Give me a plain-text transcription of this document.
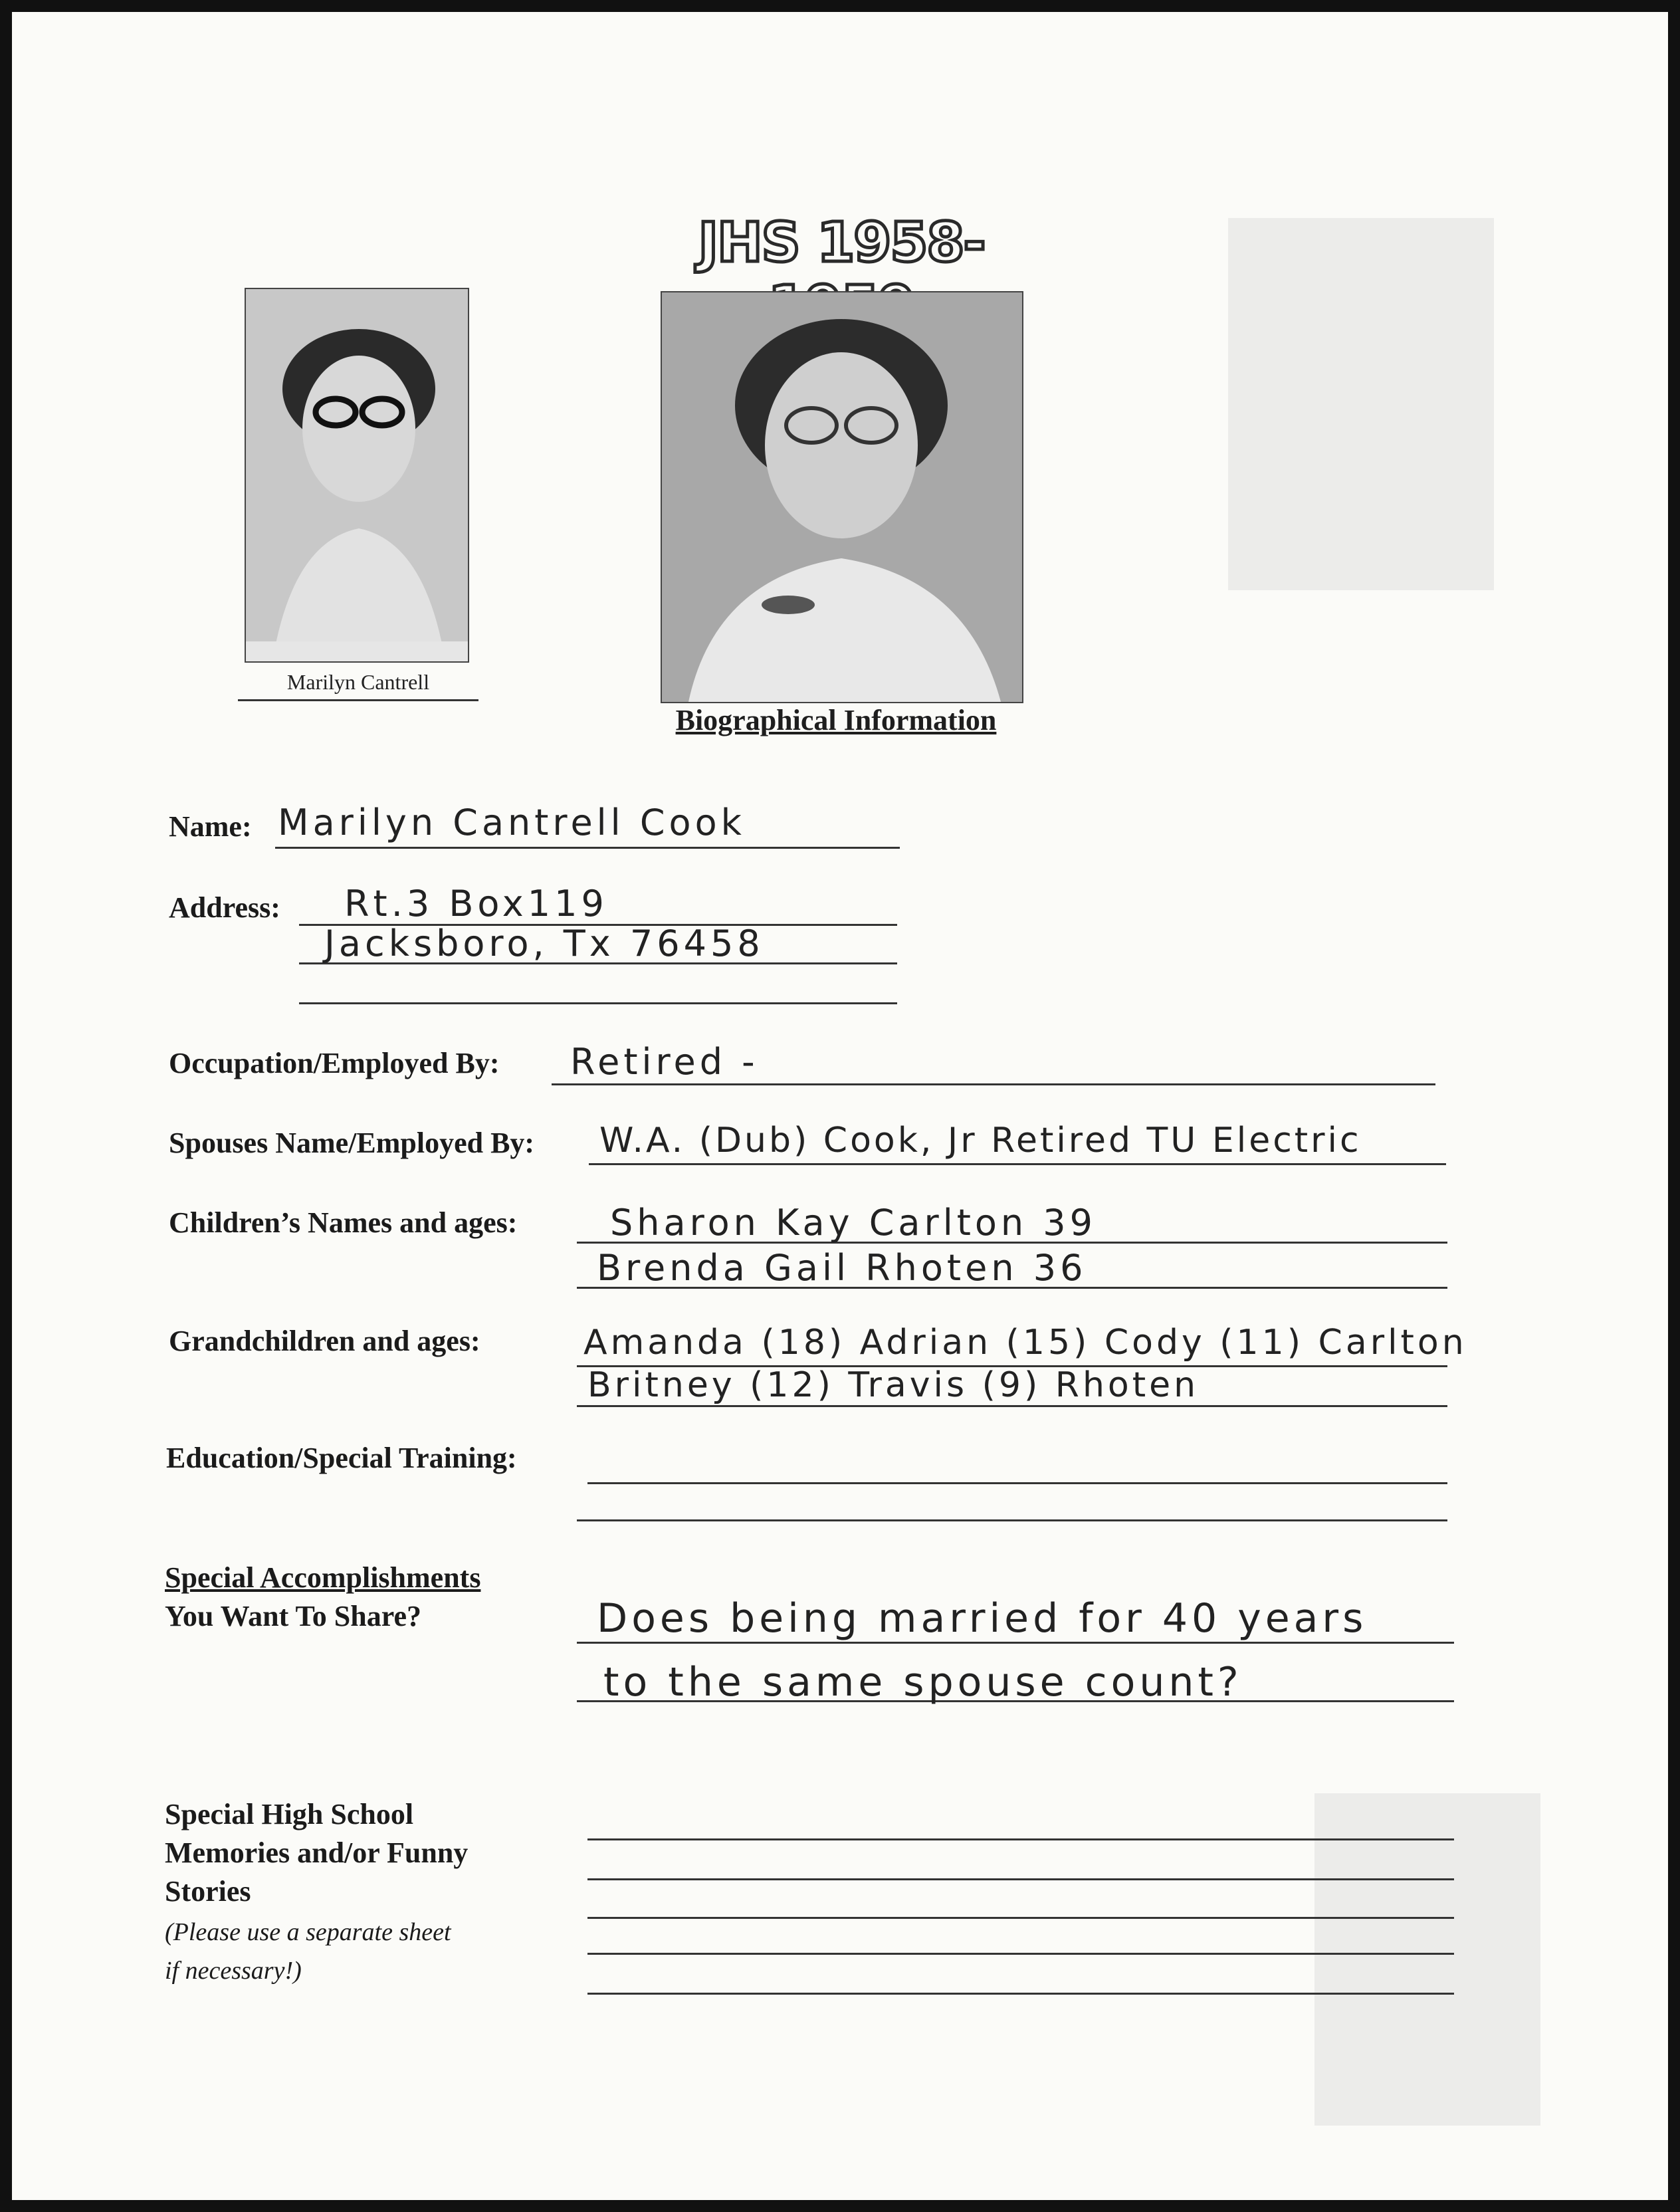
JHS 1958-
Marilyn Cantrell
Biographical Information
Name: Marilyn Cantrell Cook
Address: Rt.3 Box119
Jacksboro, Tx 76458
Occupation/Employed By: Retired -
Spouses Name/Employed By: W.A. (Dub) Cook, Jr Retired TU Electric
Children’s Names and ages:	Sharon Kay Carlton 39
Brenda Gail Rhoten 36
Grandchildren and ages:	Amanda (18) Adrian (15) Cody (11) Carlton
Britney (12) Travis (9) Rhoten
Education/Special Training:
Special Accomplishments
You Want To Share?	Does being married for 40 years
to the same spouse count?
Special High School
Memories and/or Funny
Stories
(Please use a separate sheet
if necessary!)
